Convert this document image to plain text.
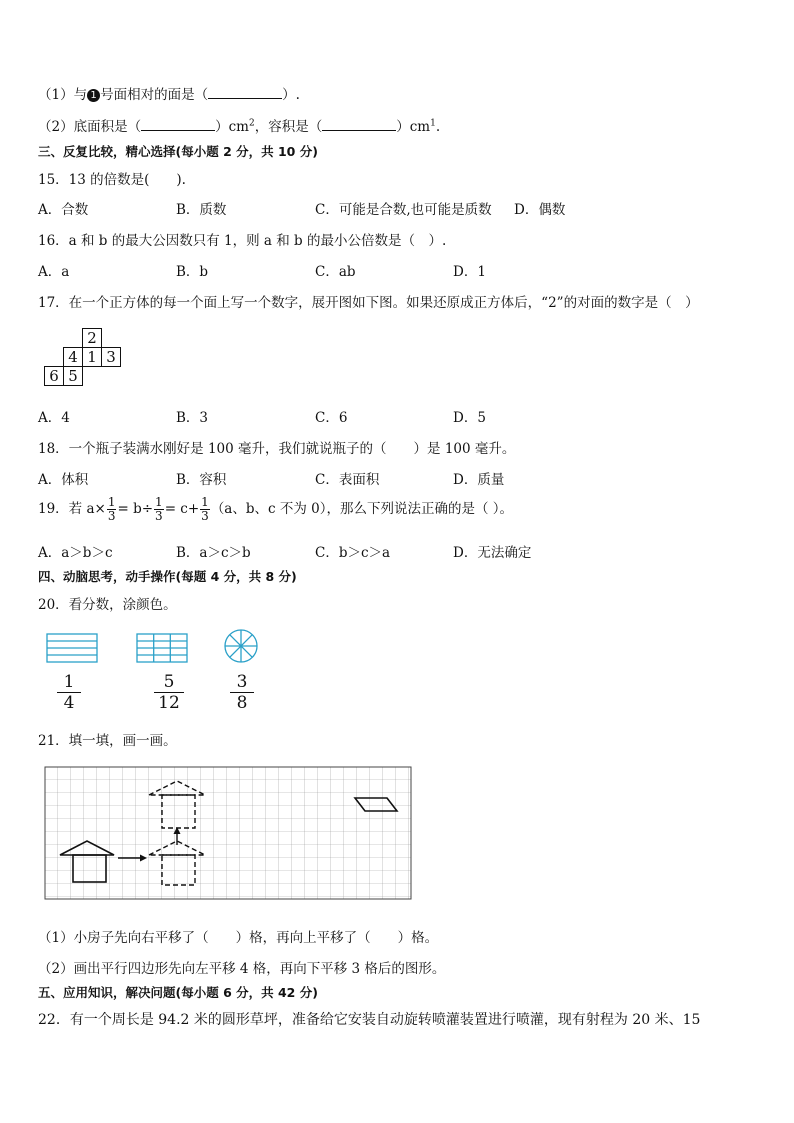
（1）与 1 号面相对的面是（	）.
（2）底面积是（	）$cm^2$，容积是（	）$cm^1$.
三、反复比较，精心选择(每小题 2 分，共 10 分)
15．13 的倍数是(　　).
A．合数	B．质数	C．可能是合数,也可能是质数 D．偶数
16．a 和 b 的最大公因数只有 1，则 a 和 b 的最小公倍数是（　）.
A．a	B．b	C．ab	D．1
17．在一个正方体的每一个面上写一个数字，展开图如下图。如果还原成正方体后，“2”的对面的数字是（　）
2
4 1 3
6 5
A．4	B．3	C．6	D．5
18．一个瓶子装满水刚好是 100 毫升，我们就说瓶子的（　　）是 100 毫升。
A．体积	B．容积	C．表面积	D．质量
19．若 $a\times \frac{1}{3} = b\div \frac{1}{3} = c+ \frac{1}{3} (a$、b、c 不为 0），那么下列说法正确的是（ ）。
A．a＞b＞c	B．a＞c＞b	C．b＞c＞a	D．无法确定
四、动脑思考，动手操作(每题 4 分，共 8 分)
20．看分数，涂颜色。
$\frac{1}{4}$	$\frac{5}{12}$	$\frac{3}{8}$
21．填一填，画一画。
（1）小房子先向右平移了（　　）格，再向上平移了（　　）格。
（2）画出平行四边形先向左平移 4 格，再向下平移 3 格后的图形。
五、应用知识，解决问题(每小题 6 分，共 42 分)
22．有一个周长是 94.2 米的圆形草坪，准备给它安装自动旋转喷灌装置进行喷灌，现有射程为 20 米、15
